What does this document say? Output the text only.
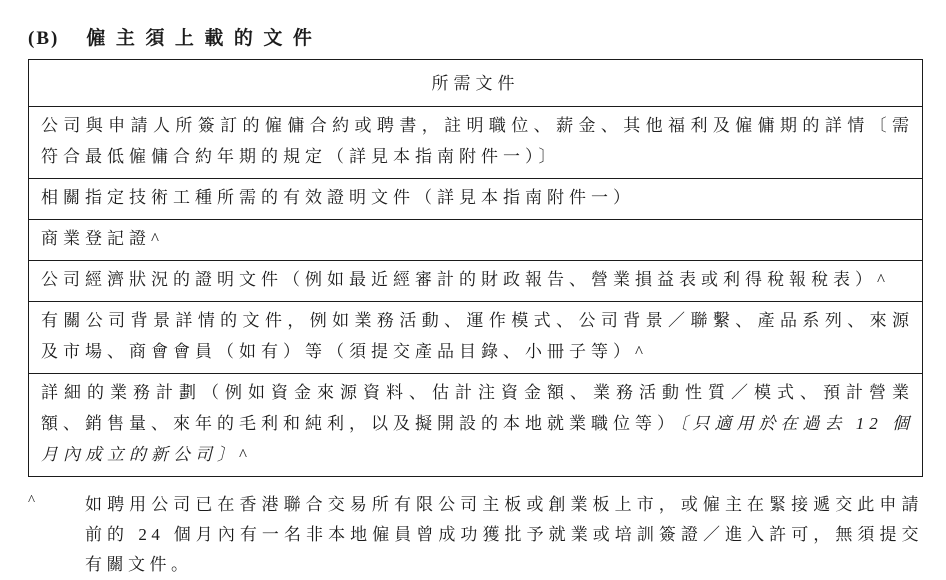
(B) 僱主須上載的文件
所需文件
公司與申請人所簽訂的僱傭合約或聘書，註明職位、薪金、其他福利及僱傭期的詳情〔需符合最低僱傭合約年期的規定（詳見本指南附件一）〕
相關指定技術工種所需的有效證明文件（詳見本指南附件一）
商業登記證^
公司經濟狀況的證明文件（例如最近經審計的財政報告、營業損益表或利得稅報稅表）^
有關公司背景詳情的文件，例如業務活動、運作模式、公司背景／聯繫、產品系列、來源及市場、商會會員（如有）等（須提交產品目錄、小冊子等）^
詳細的業務計劃（例如資金來源資料、估計注資金額、業務活動性質／模式、預計營業額、銷售量、來年的毛利和純利，以及擬開設的本地就業職位等）〔只適用於在過去 12 個月內成立的新公司〕^
^	如聘用公司已在香港聯合交易所有限公司主板或創業板上市，或僱主在緊接遞交此申請前的 24 個月內有一名非本地僱員曾成功獲批予就業或培訓簽證／進入許可，無須提交有關文件。
